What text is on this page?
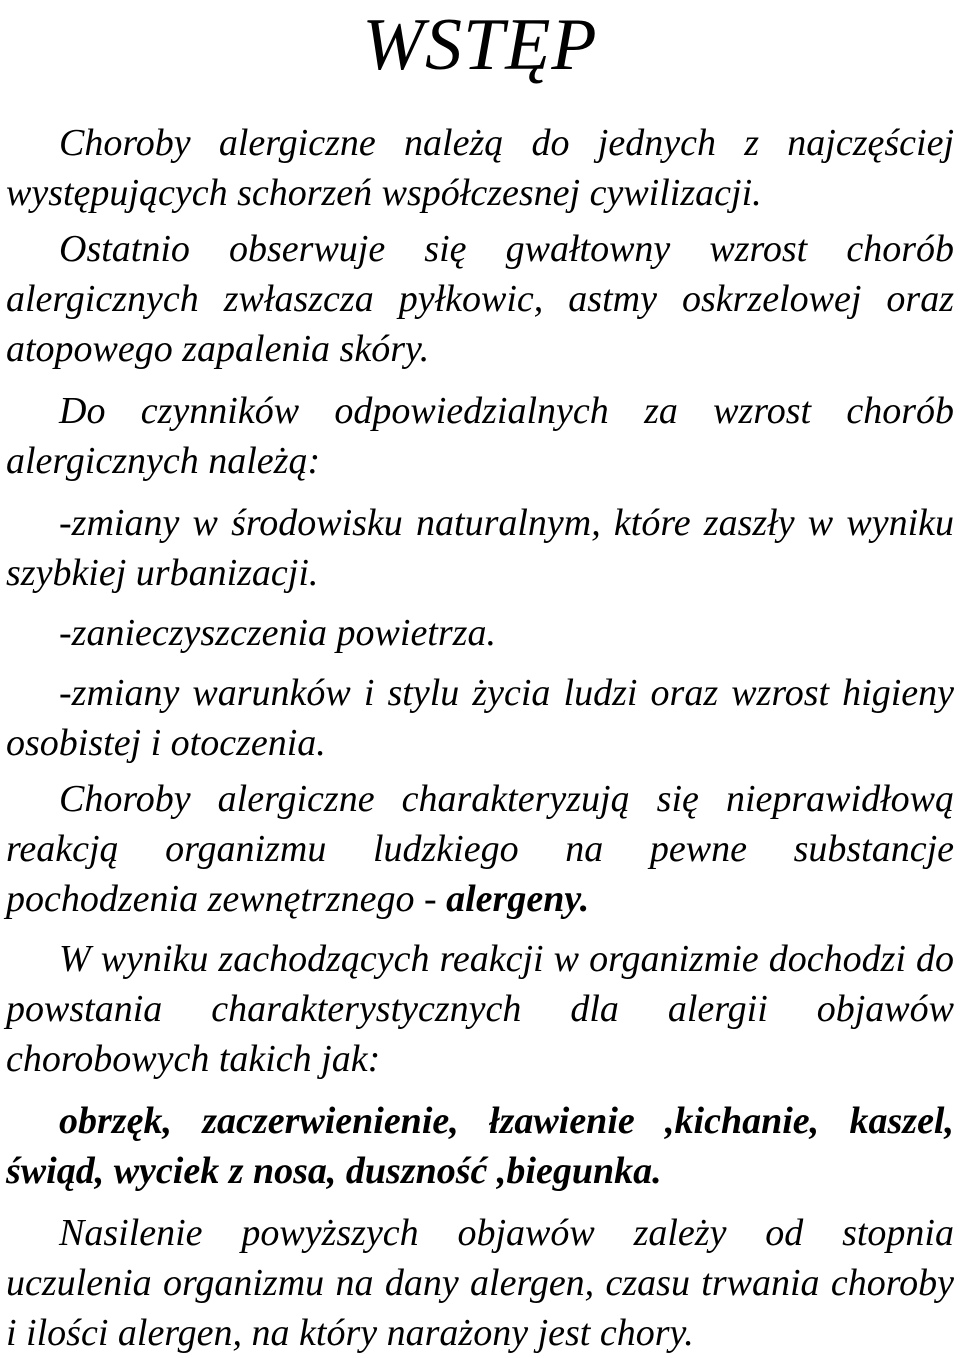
WSTĘP

Choroby alergiczne należą do jednych z najczęściej występujących schorzeń współczesnej cywilizacji.

Ostatnio obserwuje się gwałtowny wzrost chorób alergicznych zwłaszcza pyłkowic, astmy oskrzelowej oraz atopowego zapalenia skóry.

Do czynników odpowiedzialnych za wzrost chorób alergicznych należą:

-zmiany w środowisku naturalnym, które zaszły w wyniku szybkiej urbanizacji.

-zanieczyszczenia powietrza.

-zmiany warunków i stylu życia ludzi oraz wzrost higieny osobistej i otoczenia.

Choroby alergiczne charakteryzują się nieprawidłową reakcją organizmu ludzkiego na pewne substancje pochodzenia zewnętrznego - alergeny.

W wyniku zachodzących reakcji w organizmie dochodzi do powstania charakterystycznych dla alergii objawów chorobowych takich jak:

obrzęk, zaczerwienienie, łzawienie ,kichanie, kaszel, świąd, wyciek z nosa, duszność ,biegunka.

Nasilenie powyższych objawów zależy od stopnia uczulenia organizmu na dany alergen, czasu trwania choroby i ilości alergen, na który narażony jest chory.
